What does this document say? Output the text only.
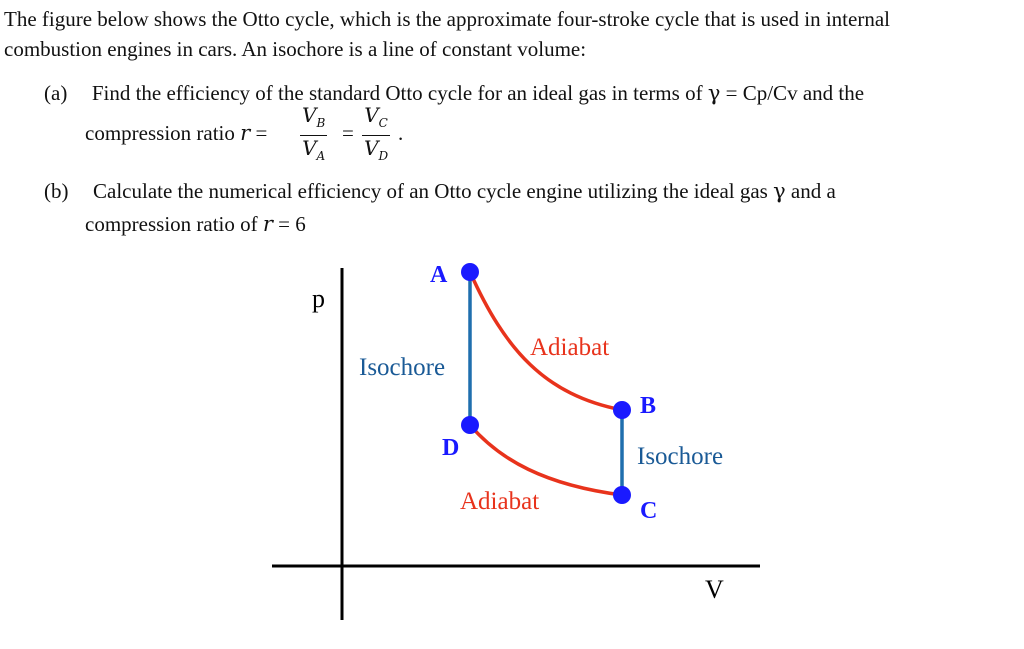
The figure below shows the Otto cycle, which is the approximate four-stroke cycle that is used in internal
combustion engines in cars. An isochore is a line of constant volume:
(a) Find the efficiency of the standard Otto cycle for an ideal gas in terms of γ = Cp/Cv and the
compression ratio $r = \frac{V_B}{V_A} = \frac{V_C}{V_D}$ .
(b) Calculate the numerical efficiency of an Otto cycle engine utilizing the ideal gas γ and a
compression ratio of r = 6
p
V
A
B
C
D
Adiabat
Adiabat
Isochore
Isochore
